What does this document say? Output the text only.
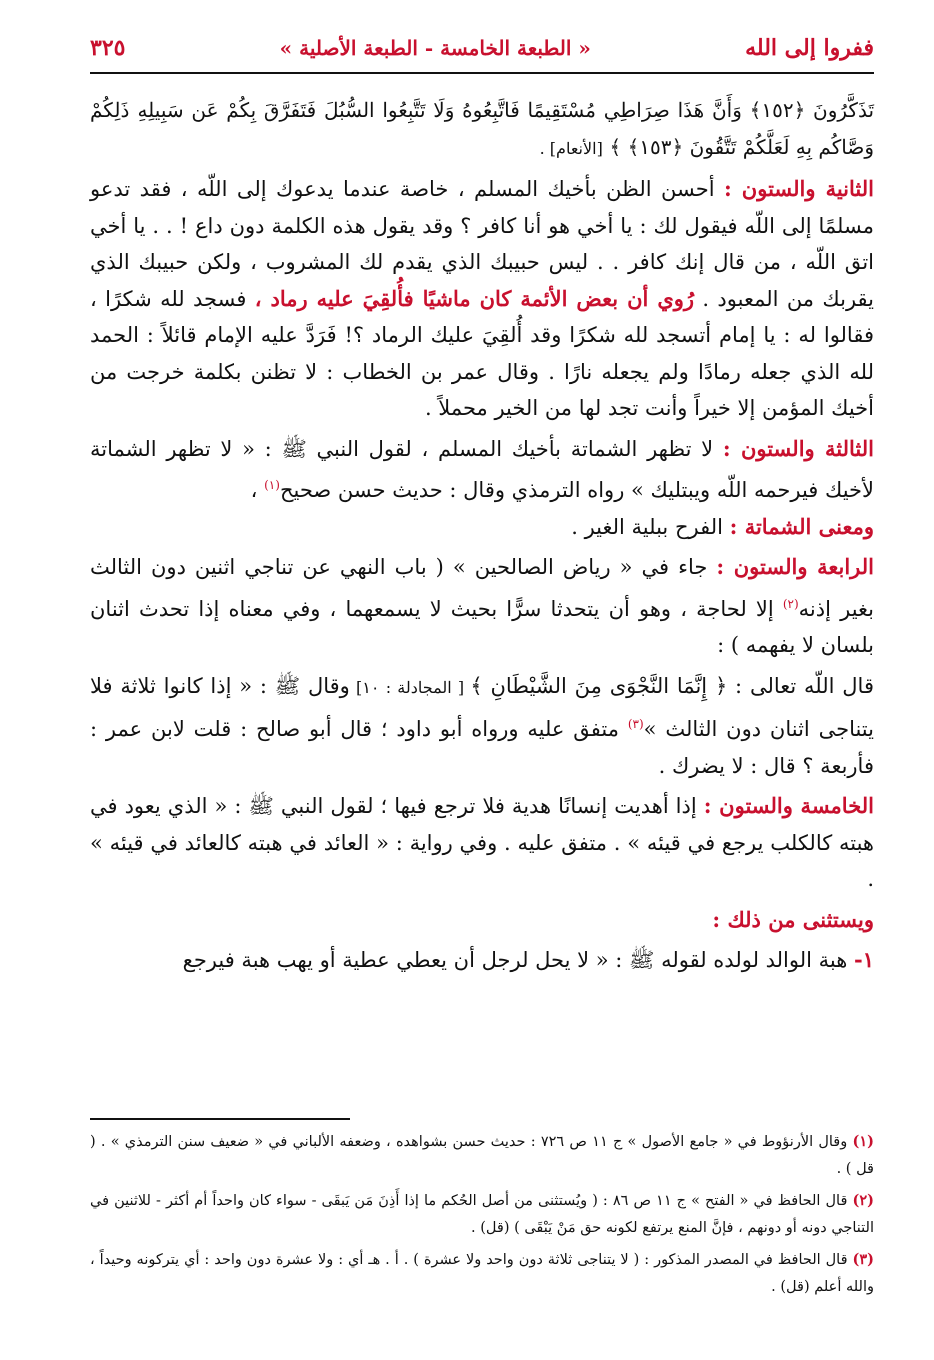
ففروا إلى الله
« الطبعة الخامسة - الطبعة الأصلية »
٣٢٥

تَذَكَّرُونَ ﴿١٥٢﴾ وَأَنَّ هَذَا صِرَاطِي مُسْتَقِيمًا فَاتَّبِعُوهُ وَلَا تَتَّبِعُوا السُّبُلَ فَتَفَرَّقَ بِكُمْ عَن سَبِيلِهِ ذَلِكُمْ وَصَّاكُم بِهِ لَعَلَّكُمْ تَتَّقُونَ ﴿١٥٣﴾ ﴾ [الأنعام] .

الثانية والستون : أحسن الظن بأخيك المسلم ، خاصة عندما يدعوك إلى اللّه ، فقد تدعو مسلمًا إلى اللّه فيقول لك : يا أخي هو أنا كافر ؟ وقد يقول هذه الكلمة دون داع ! . . يا أخي اتق اللّه ، من قال إنك كافر . . ليس حبيبك الذي يقدم لك المشروب ، ولكن حبيبك الذي يقربك من المعبود . رُوي أن بعض الأئمة كان ماشيًا فأُلقِيَ عليه رماد ، فسجد لله شكرًا ، فقالوا له : يا إمام أتسجد لله شكرًا وقد أُلقِيَ عليك الرماد ؟! فَرَدَّ عليه الإمام قائلاً : الحمد لله الذي جعله رمادًا ولم يجعله نارًا . وقال عمر بن الخطاب : لا تظنن بكلمة خرجت من أخيك المؤمن إلا خيراً وأنت تجد لها من الخير محملاً .

الثالثة والستون : لا تظهر الشماتة بأخيك المسلم ، لقول النبي ﷺ : « لا تظهر الشماتة لأخيك فيرحمه اللّه ويبتليك » رواه الترمذي وقال : حديث حسن صحيح$^{(١)}$ ،
ومعنى الشماتة : الفرح ببلية الغير .

الرابعة والستون : جاء في « رياض الصالحين » ( باب النهي عن تناجي اثنين دون الثالث بغير إذنه$^{(٢)}$ إلا لحاجة ، وهو أن يتحدثا سرًّا بحيث لا يسمعهما ، وفي معناه إذا تحدث اثنان بلسان لا يفهمه ) :

قال اللّه تعالى : ﴿ إِنَّمَا النَّجْوَى مِنَ الشَّيْطَانِ ﴾ [ المجادلة : ١٠] وقال ﷺ : « إذا كانوا ثلاثة فلا يتناجى اثنان دون الثالث »$^{(٣)}$ متفق عليه ورواه أبو داود ؛ قال أبو صالح : قلت لابن عمر : فأربعة ؟ قال : لا يضرك .

الخامسة والستون : إذا أهديت إنسانًا هدية فلا ترجع فيها ؛ لقول النبي ﷺ : « الذي يعود في هبته كالكلب يرجع في قيئه » . متفق عليه . وفي رواية : « العائد في هبته كالعائد في قيئه » .

ويستثنى من ذلك :

١- هبة الوالد لولده لقوله ﷺ : « لا يحل لرجل أن يعطي عطية أو يهب هبة فيرجع

(١) وقال الأرنؤوط في « جامع الأصول » ج ١١ ص ٧٢٦ : حديث حسن بشواهده ، وضعفه الألباني في « ضعيف سنن الترمذي » . ( قل ) .

(٢) قال الحافظ في « الفتح » ج ١١ ص ٨٦ : ( ويُستثنى من أصل الحُكم ما إذا أَذِنَ مَن يَبقَى - سواء كان واحداً أم أكثر - للاثنين في التناجي دونه أو دونهم ، فإنَّ المنع يرتفع لكونه حق مَنْ يَبْقَى ) (قل) .

(٣) قال الحافظ في المصدر المذكور : ( لا يتناجى ثلاثة دون واحد ولا عشرة ) . أ . هـ أي : ولا عشرة دون واحد : أي يتركونه وحيداً ، والله أعلم (قل) .
